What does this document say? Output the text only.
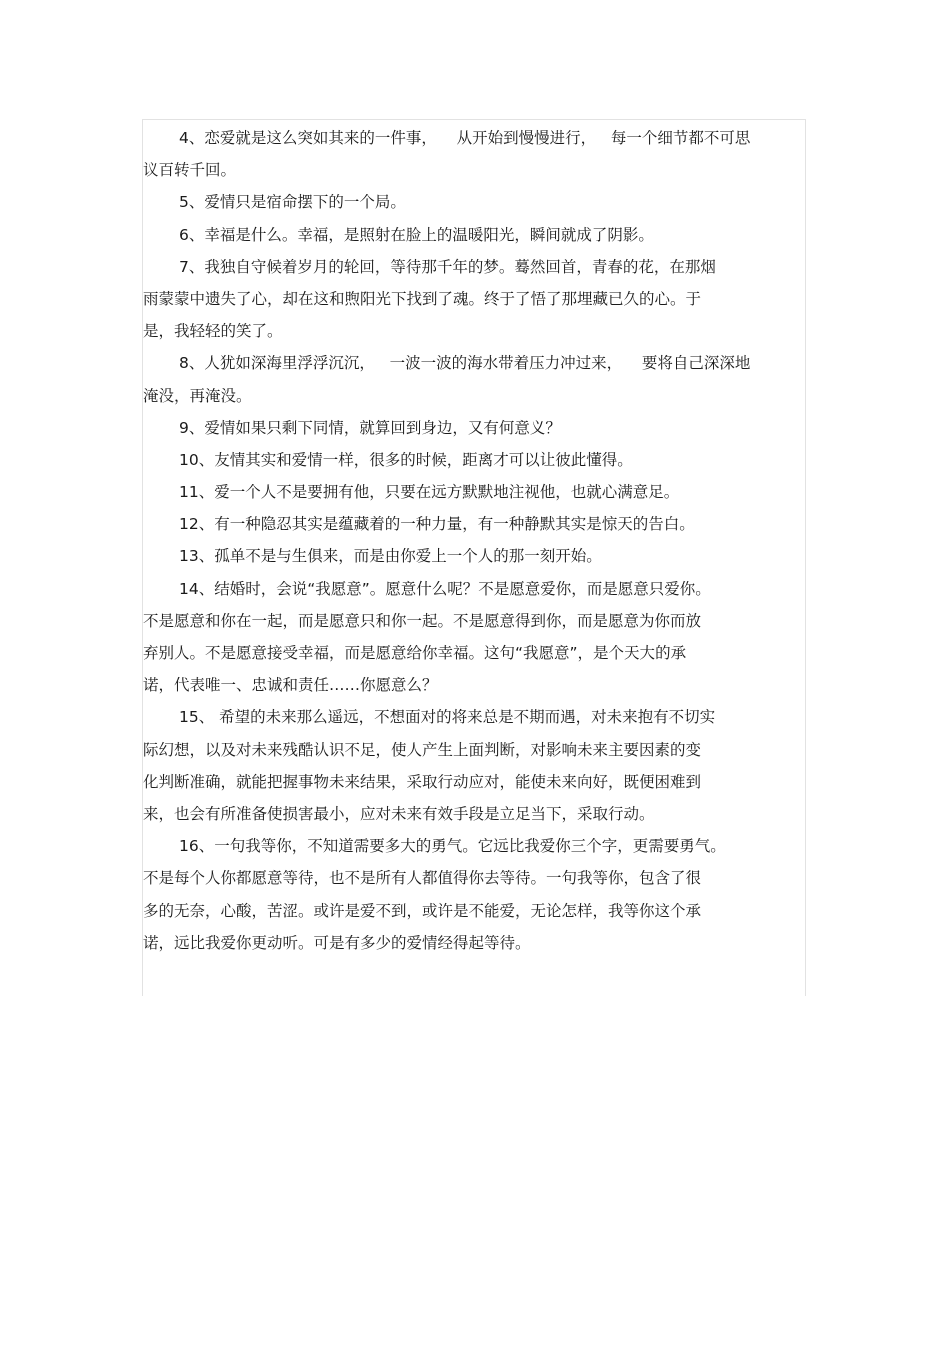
4、恋爱就是这么突如其来的一件事，    从开始到慢慢进行，   每一个细节都不可思
议百转千回。
5、爱情只是宿命摆下的一个局。
6、幸福是什么。幸福，是照射在脸上的温暖阳光，瞬间就成了阴影。
7、我独自守候着岁月的轮回，等待那千年的梦。蓦然回首，青春的花，在那烟
雨蒙蒙中遗失了心，却在这和煦阳光下找到了魂。终于了悟了那埋藏已久的心。于
是，我轻轻的笑了。
8、人犹如深海里浮浮沉沉，   一波一波的海水带着压力冲过来，    要将自己深深地
淹没，再淹没。
9、爱情如果只剩下同情，就算回到身边，又有何意义？
10、友情其实和爱情一样，很多的时候，距离才可以让彼此懂得。
11、爱一个人不是要拥有他，只要在远方默默地注视他，也就心满意足。
12、有一种隐忍其实是蕴藏着的一种力量，有一种静默其实是惊天的告白。
13、孤单不是与生俱来，而是由你爱上一个人的那一刻开始。
14、结婚时，会说“我愿意”。愿意什么呢？不是愿意爱你，而是愿意只爱你。
不是愿意和你在一起，而是愿意只和你一起。不是愿意得到你，而是愿意为你而放
弃别人。不是愿意接受幸福，而是愿意给你幸福。这句“我愿意”，是个天大的承
诺，代表唯一、忠诚和责任……你愿意么？
15、 希望的未来那么遥远，不想面对的将来总是不期而遇，对未来抱有不切实
际幻想，以及对未来残酷认识不足，使人产生上面判断，对影响未来主要因素的变
化判断准确，就能把握事物未来结果，采取行动应对，能使未来向好，既便困难到
来，也会有所准备使损害最小，应对未来有效手段是立足当下，采取行动。
16、一句我等你，不知道需要多大的勇气。它远比我爱你三个字，更需要勇气。
不是每个人你都愿意等待，也不是所有人都值得你去等待。一句我等你，包含了很
多的无奈，心酸，苦涩。或许是爱不到，或许是不能爱，无论怎样，我等你这个承
诺，远比我爱你更动听。可是有多少的爱情经得起等待。
